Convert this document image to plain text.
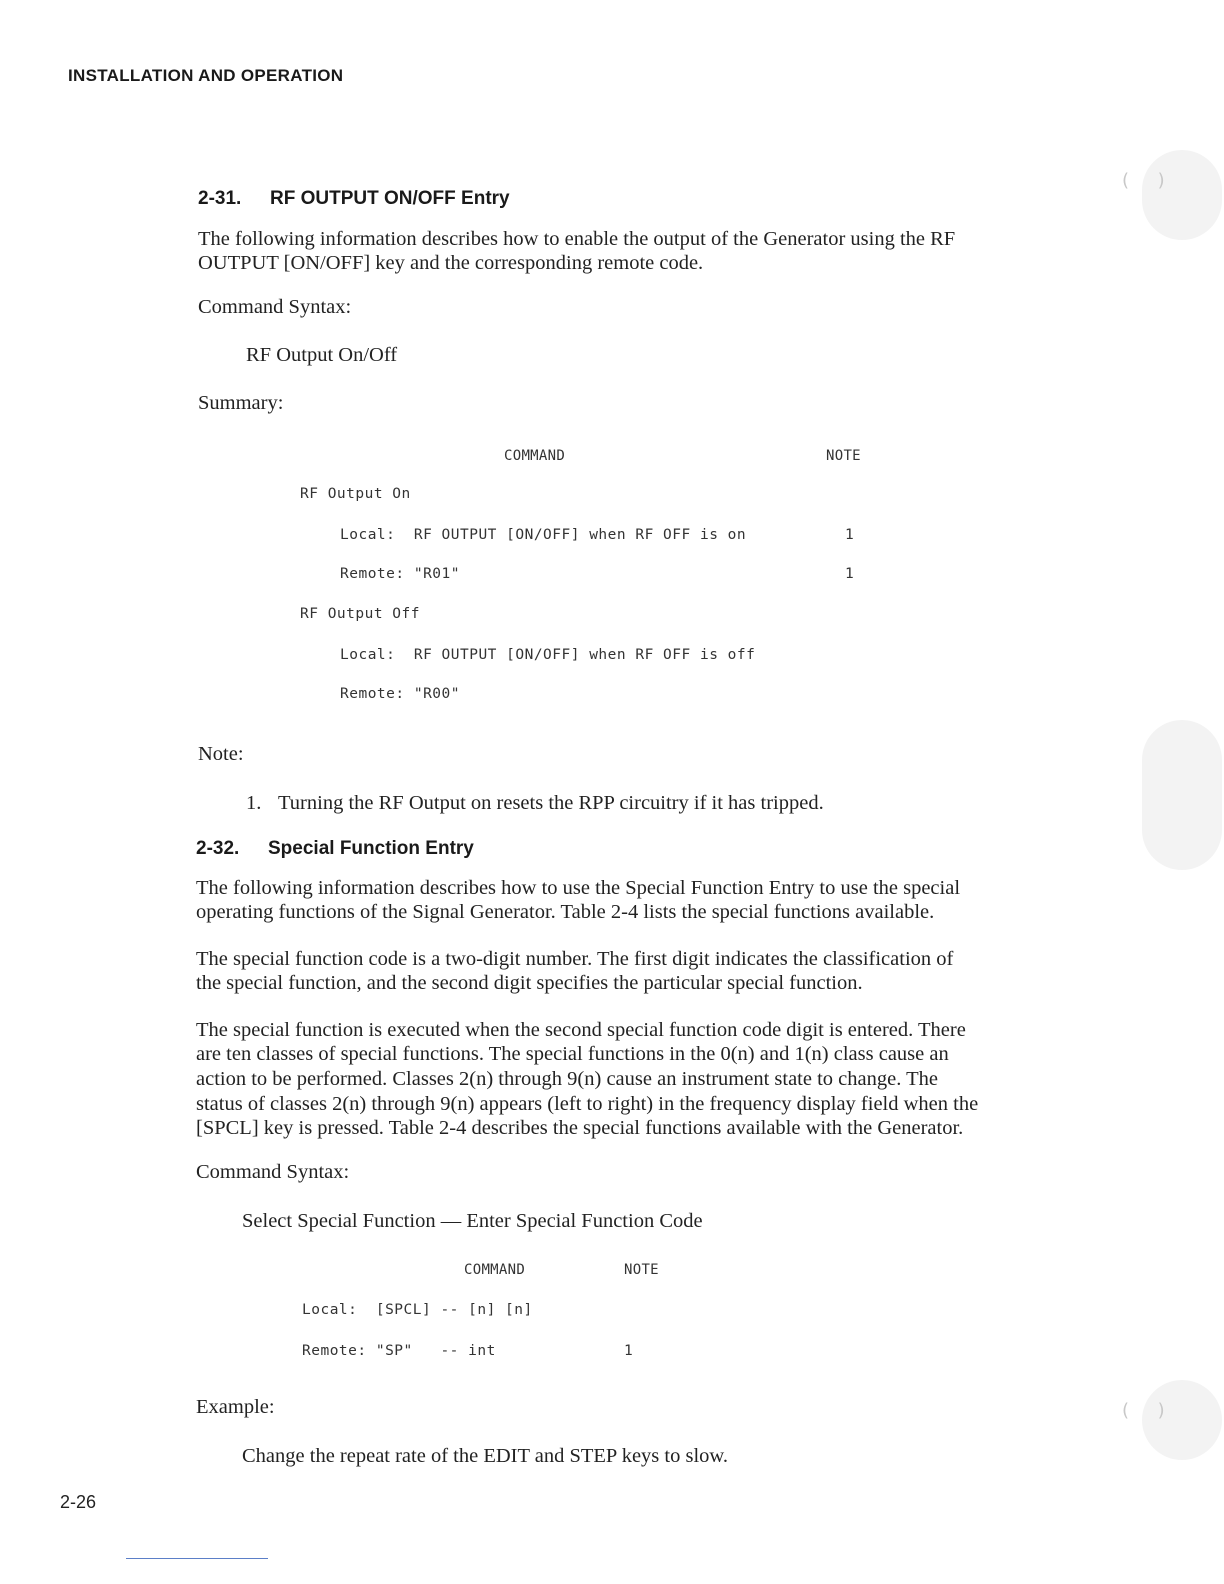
(     )
(     )
INSTALLATION AND OPERATION
2-31. RF OUTPUT ON/OFF Entry
The following information describes how to enable the output of the Generator using the RF
OUTPUT [ON/OFF] key and the corresponding remote code.
Command Syntax:
RF Output On/Off
Summary:
COMMAND	NOTE
RF Output On
Local:  RF OUTPUT [ON/OFF] when RF OFF is on	1
Remote: "R01"	1
RF Output Off
Local:  RF OUTPUT [ON/OFF] when RF OFF is off
Remote: "R00"
Note:
1. Turning the RF Output on resets the RPP circuitry if it has tripped.
2-32. Special Function Entry
The following information describes how to use the Special Function Entry to use the special
operating functions of the Signal Generator. Table 2-4 lists the special functions available.
The special function code is a two-digit number. The first digit indicates the classification of
the special function, and the second digit specifies the particular special function.
The special function is executed when the second special function code digit is entered. There
are ten classes of special functions. The special functions in the 0(n) and 1(n) class cause an
action to be performed. Classes 2(n) through 9(n) cause an instrument state to change. The
status of classes 2(n) through 9(n) appears (left to right) in the frequency display field when the
[SPCL] key is pressed. Table 2-4 describes the special functions available with the Generator.
Command Syntax:
Select Special Function — Enter Special Function Code
COMMAND	NOTE
Local:  [SPCL] -- [n] [n]
Remote: "SP"   -- int	1
Example:
Change the repeat rate of the EDIT and STEP keys to slow.
2-26
